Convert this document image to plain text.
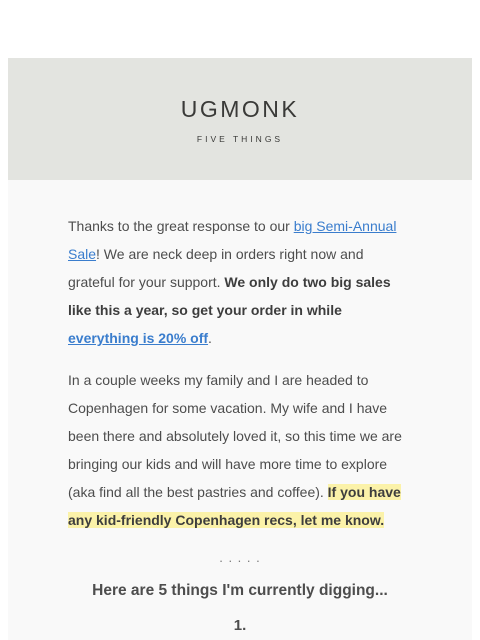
UGMONK
FIVE THINGS

Thanks to the great response to our big Semi-Annual Sale! We are neck deep in orders right now and grateful for your support. We only do two big sales like this a year, so get your order in while everything is 20% off.

In a couple weeks my family and I are headed to Copenhagen for some vacation. My wife and I have been there and absolutely loved it, so this time we are bringing our kids and will have more time to explore (aka find all the best pastries and coffee). If you have any kid-friendly Copenhagen recs, let me know.

. . . . .
Here are 5 things I'm currently digging...
1.
